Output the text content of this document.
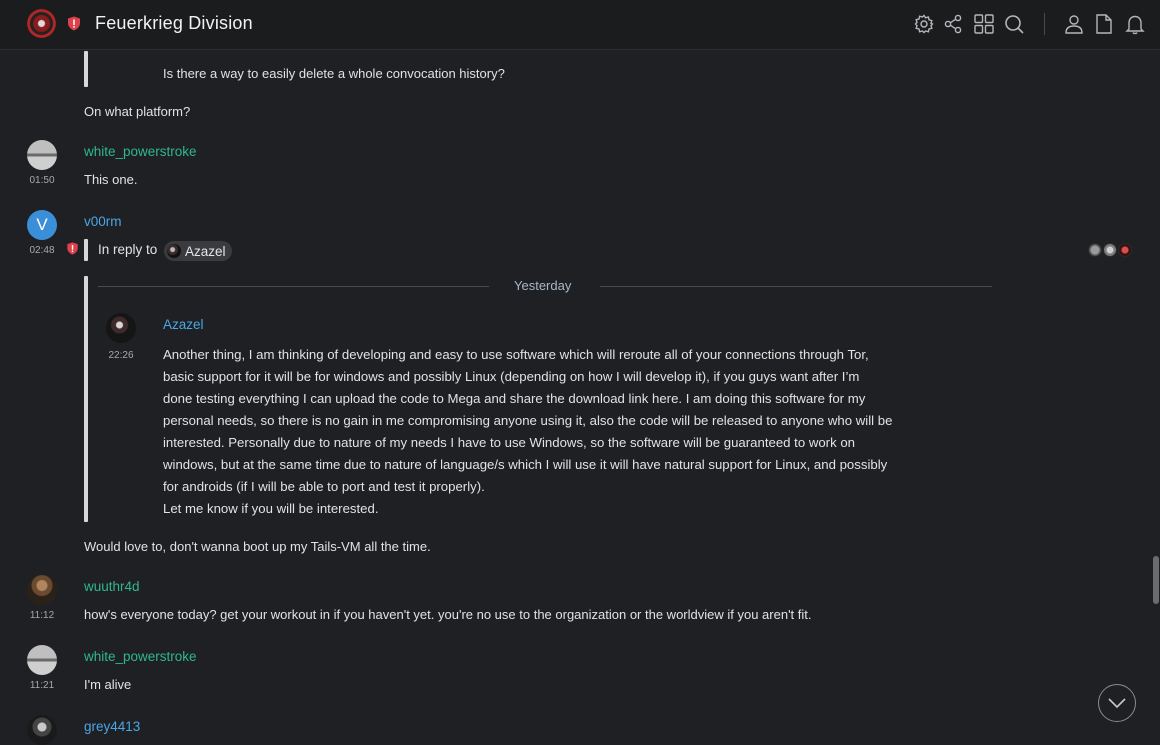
Feuerkrieg Division
Is there a way to easily delete a whole convocation history?
On what platform?
01:50
white_powerstroke
This one.
V
02:48
v00rm
In reply to Azazel
Yesterday
22:26
Azazel
Another thing, I am thinking of developing and easy to use software which will reroute all of your connections through Tor,
basic support for it will be for windows and possibly Linux (depending on how I will develop it), if you guys want after I’m
done testing everything I can upload the code to Mega and share the download link here. I am doing this software for my
personal needs, so there is no gain in me compromising anyone using it, also the code will be released to anyone who will be
interested. Personally due to nature of my needs I have to use Windows, so the software will be guaranteed to work on
windows, but at the same time due to nature of language/s which I will use it will have natural support for Linux, and possibly
for androids (if I will be able to port and test it properly).
Let me know if you will be interested.
Would love to, don't wanna boot up my Tails-VM all the time.
11:12
wuuthr4d
how's everyone today? get your workout in if you haven't yet. you're no use to the organization or the worldview if you aren't fit.
11:21
white_powerstroke
I'm alive
grey4413
